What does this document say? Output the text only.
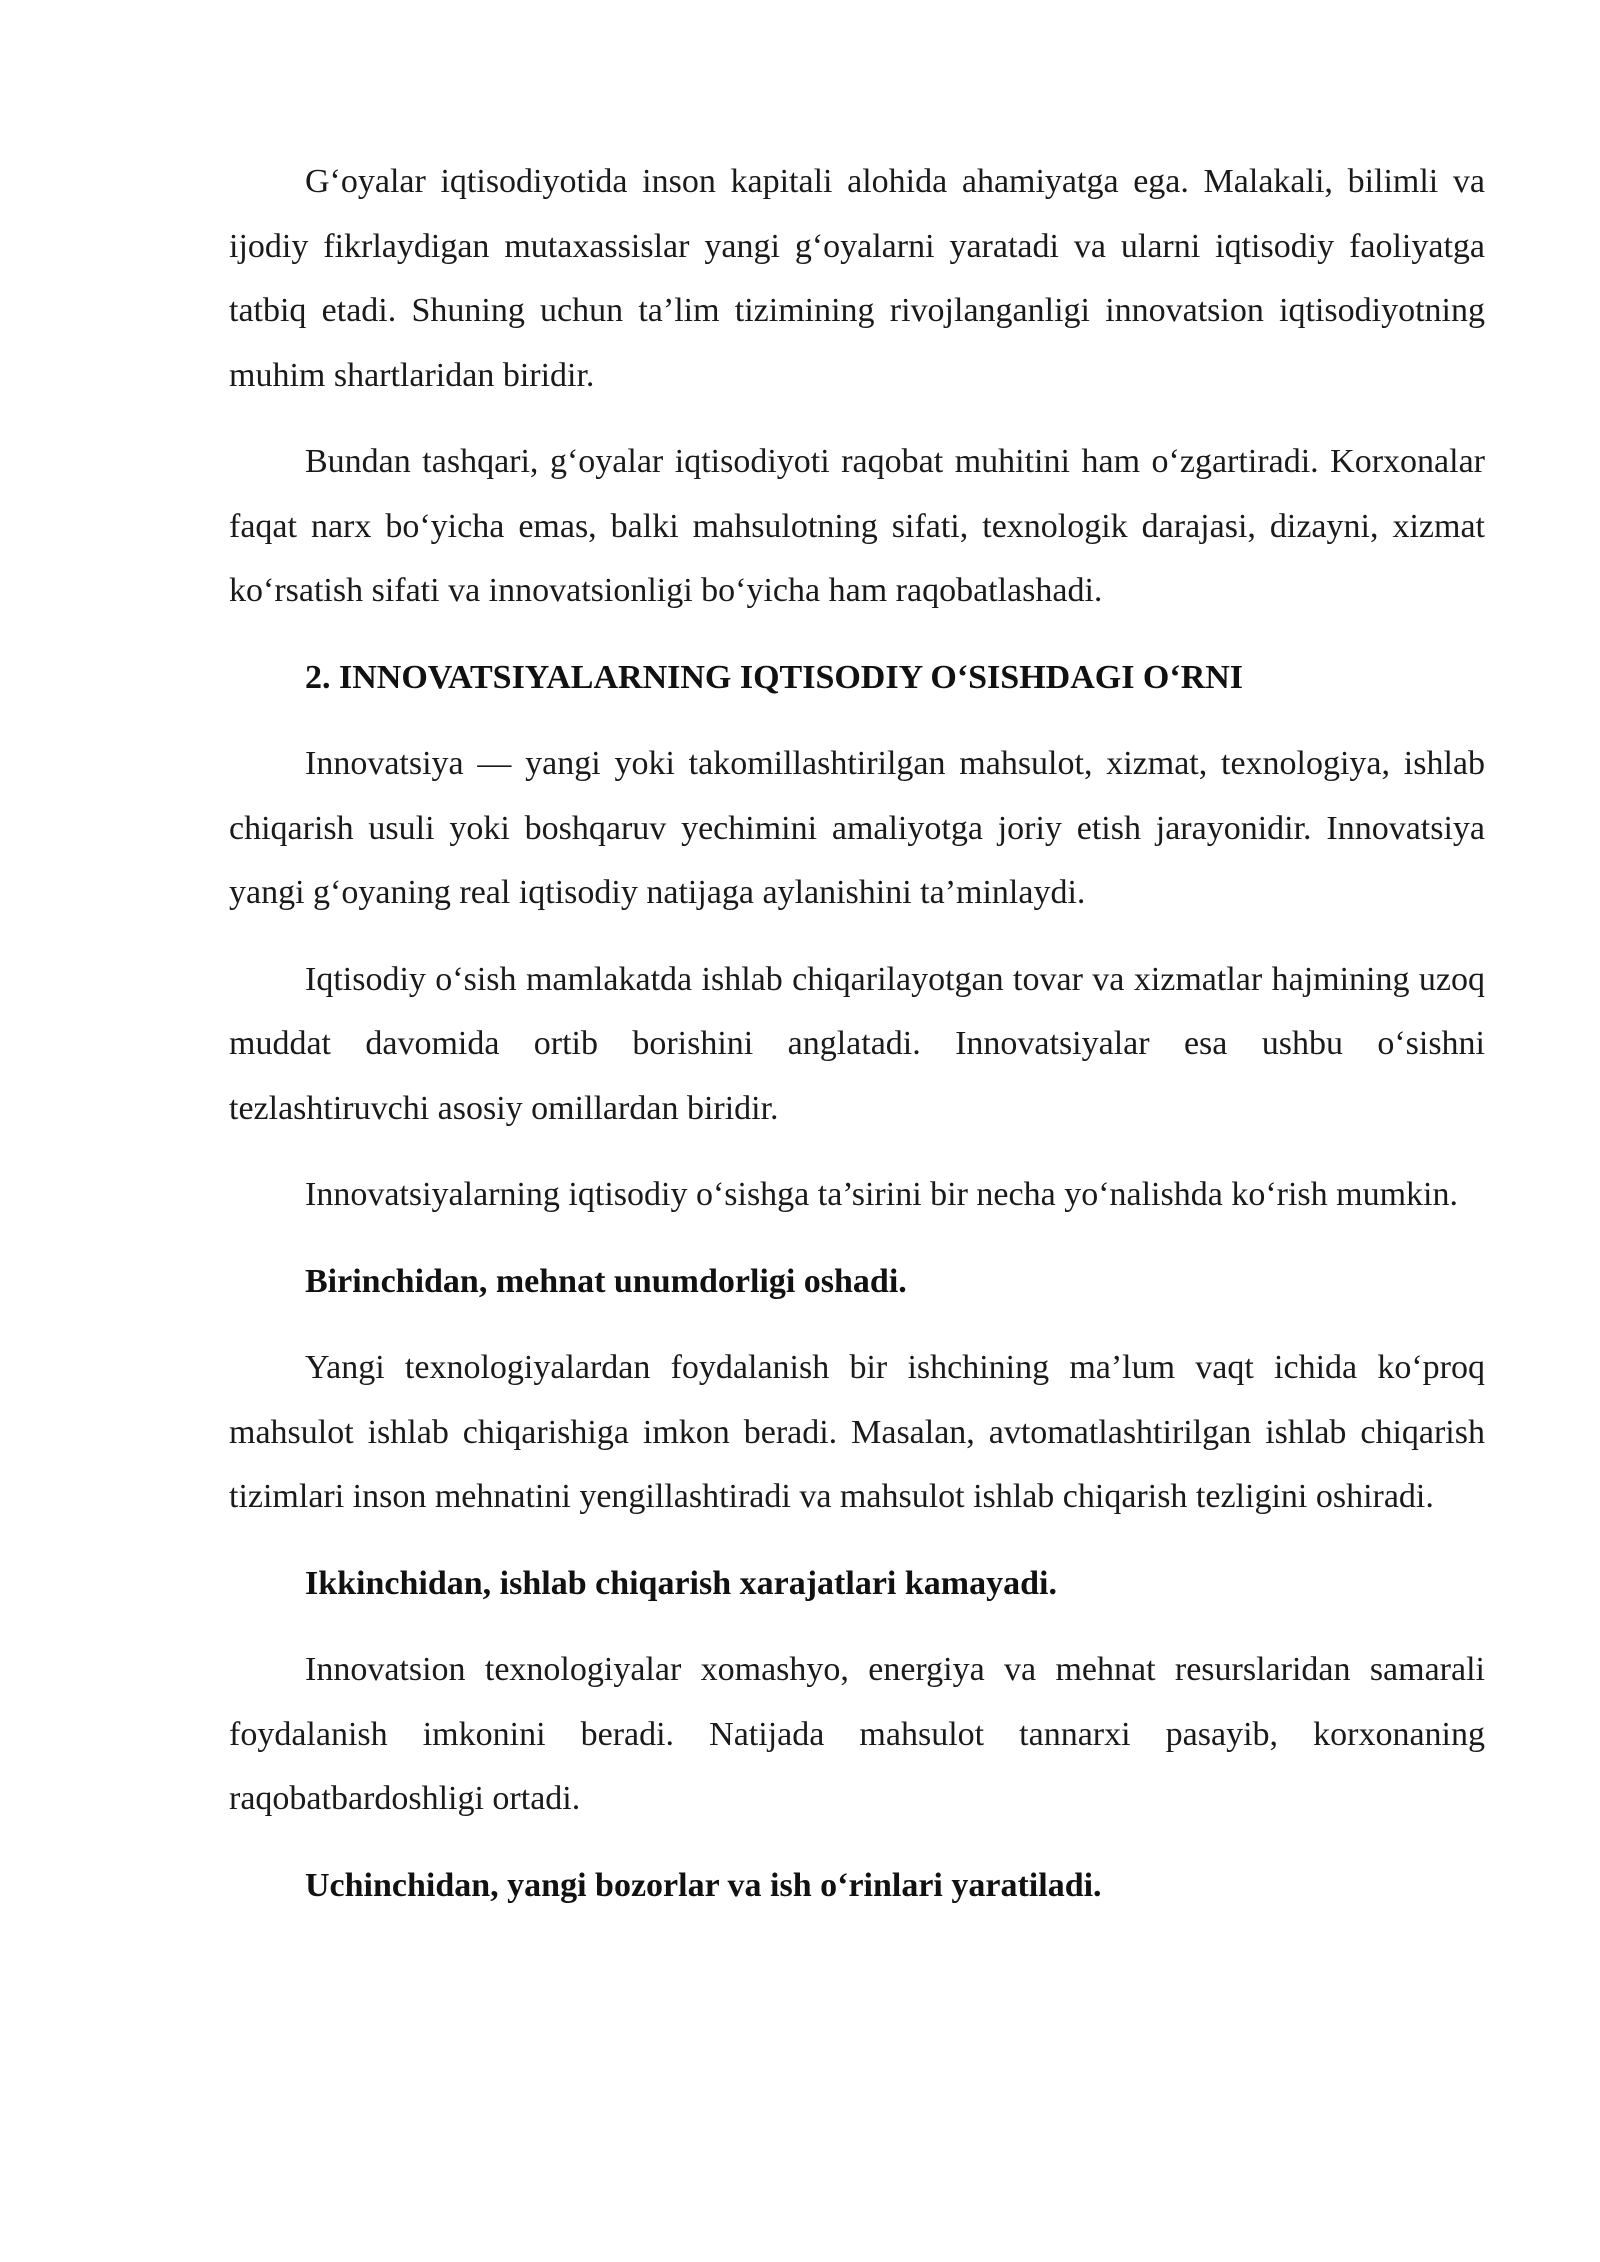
G‘oyalar iqtisodiyotida inson kapitali alohida ahamiyatga ega. Malakali, bilimli va ijodiy fikrlaydigan mutaxassislar yangi g‘oyalarni yaratadi va ularni iqtisodiy faoliyatga tatbiq etadi. Shuning uchun ta’lim tizimining rivojlanganligi innovatsion iqtisodiyotning muhim shartlaridan biridir.

Bundan tashqari, g‘oyalar iqtisodiyoti raqobat muhitini ham o‘zgartiradi. Korxonalar faqat narx bo‘yicha emas, balki mahsulotning sifati, texnologik darajasi, dizayni, xizmat ko‘rsatish sifati va innovatsionligi bo‘yicha ham raqobatlashadi.

2. INNOVATSIYALARNING IQTISODIY O‘SISHDAGI O‘RNI

Innovatsiya — yangi yoki takomillashtirilgan mahsulot, xizmat, texnologiya, ishlab chiqarish usuli yoki boshqaruv yechimini amaliyotga joriy etish jarayonidir. Innovatsiya yangi g‘oyaning real iqtisodiy natijaga aylanishini ta’minlaydi.

Iqtisodiy o‘sish mamlakatda ishlab chiqarilayotgan tovar va xizmatlar hajmining uzoq muddat davomida ortib borishini anglatadi. Innovatsiyalar esa ushbu o‘sishni tezlashtiruvchi asosiy omillardan biridir.

Innovatsiyalarning iqtisodiy o‘sishga ta’sirini bir necha yo‘nalishda ko‘rish mumkin.

Birinchidan, mehnat unumdorligi oshadi.

Yangi texnologiyalardan foydalanish bir ishchining ma’lum vaqt ichida ko‘proq mahsulot ishlab chiqarishiga imkon beradi. Masalan, avtomatlashtirilgan ishlab chiqarish tizimlari inson mehnatini yengillashtiradi va mahsulot ishlab chiqarish tezligini oshiradi.

Ikkinchidan, ishlab chiqarish xarajatlari kamayadi.

Innovatsion texnologiyalar xomashyo, energiya va mehnat resurslaridan samarali foydalanish imkonini beradi. Natijada mahsulot tannarxi pasayib, korxonaning raqobatbardoshligi ortadi.

Uchinchidan, yangi bozorlar va ish o‘rinlari yaratiladi.
